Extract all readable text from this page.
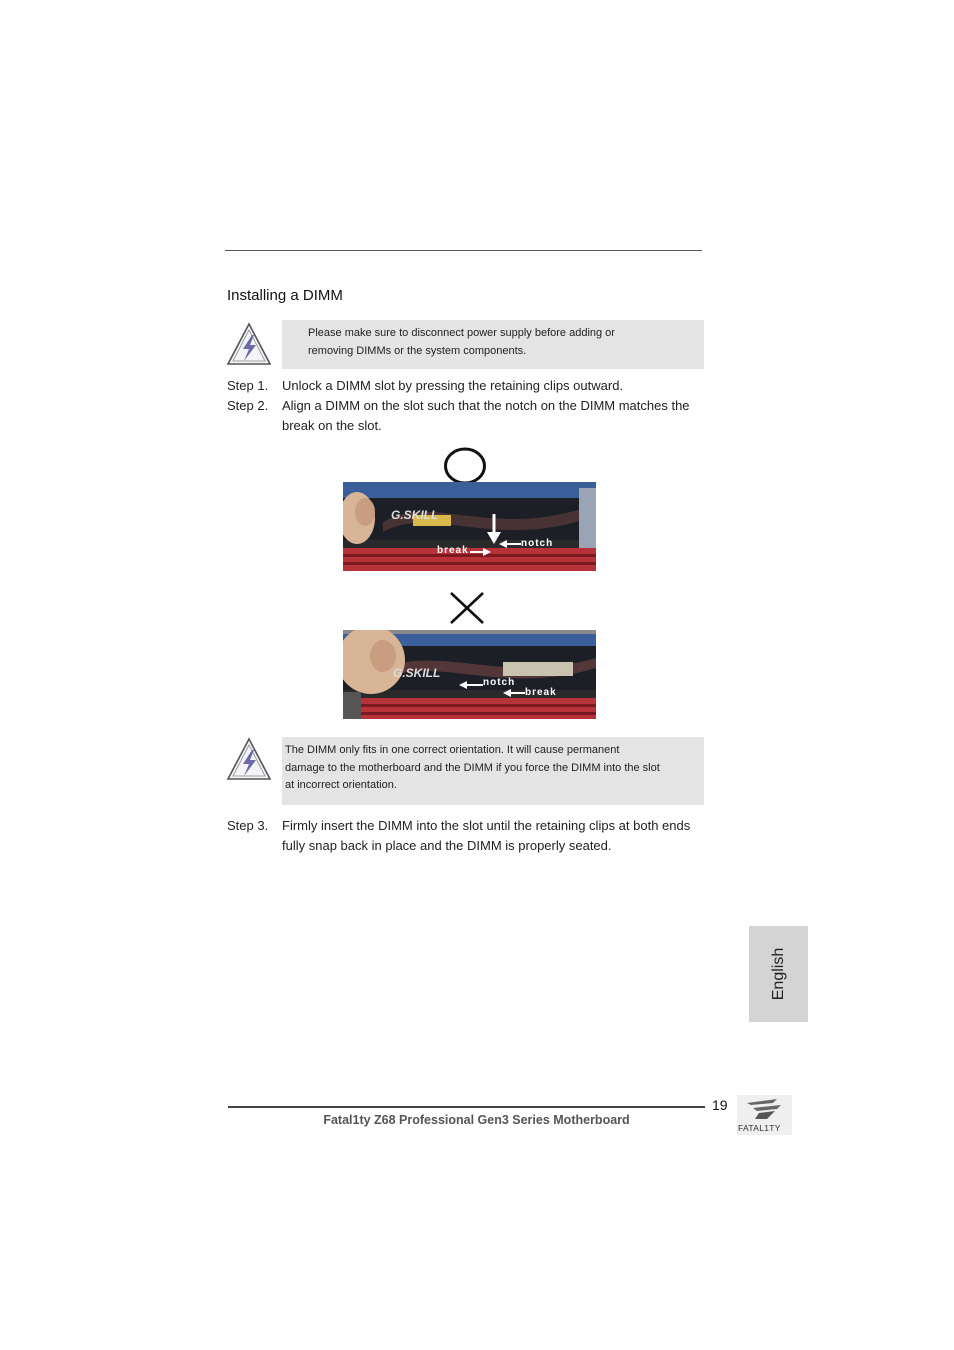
Installing a DIMM
Please make sure to disconnect power supply before adding or
removing DIMMs or the system components.
Step 1. Unlock a DIMM slot by pressing the retaining clips outward.
Step 2. Align a DIMM on the slot such that the notch on the DIMM matches the
break on the slot.
G.SKILL
break
notch
G.SKILL
notch
break
The DIMM only fits in one correct orientation. It will cause permanent
damage to the motherboard and the DIMM if you force the DIMM into the slot
at incorrect orientation.
Step 3. Firmly insert the DIMM into the slot until the retaining clips at both ends
fully snap back in place and the DIMM is properly seated.
English
19
Fatal1ty Z68 Professional Gen3 Series Motherboard
FATAL1TY
